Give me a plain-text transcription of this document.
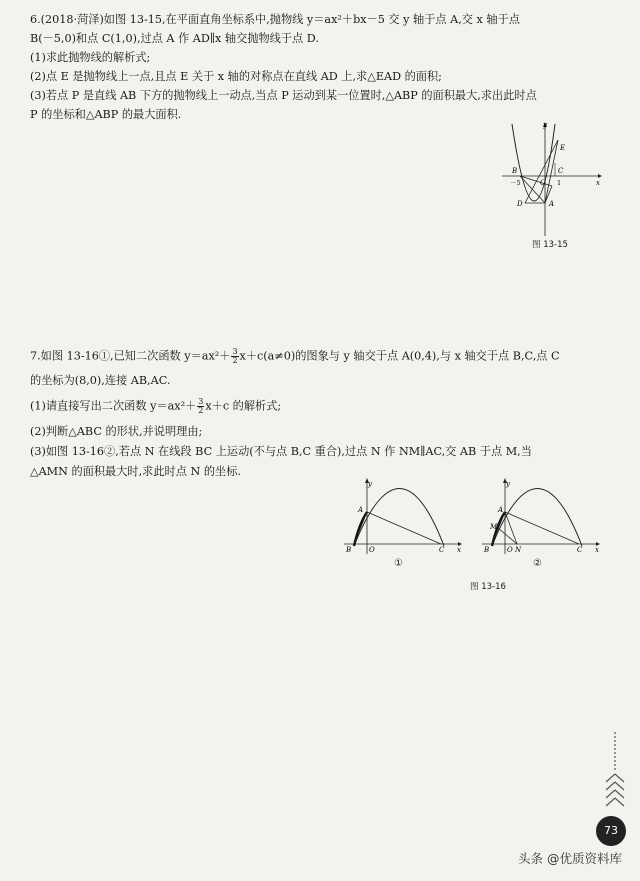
6.(2018·菏泽)如图 13-15,在平面直角坐标系中,抛物线 y＝ax²＋bx－5 交 y 轴于点 A,交 x 轴于点
B(－5,0)和点 C(1,0),过点 A 作 AD∥x 轴交抛物线于点 D.
(1)求此抛物线的解析式;
(2)点 E 是抛物线上一点,且点 E 关于 x 轴的对称点在直线 AD 上,求△EAD 的面积;
(3)若点 P 是直线 AB 下方的抛物线上一动点,当点 P 运动到某一位置时,△ABP 的面积最大,求出此时点
P 的坐标和△ABP 的最大面积.
y
x
E
B	C
O
－5	1
D	A
图 13-15
7.如图 13-16①,已知二次函数 $y=ax^2+ \frac{3}{2} x+c(a\ne 0)$的图象与 y 轴交于点 A(0,4),与 x 轴交于点 B,C,点 C
的坐标为(8,0),连接 AB,AC.
(1)请直接写出二次函数 $y=ax^2+ \frac{3}{2} x+c$ 的解析式;
(2)判断△ABC 的形状,并说明理由;
(3)如图 13-16②,若点 N 在线段 BC 上运动(不与点 B,C 重合),过点 N 作 NM∥AC,交 AB 于点 M,当
△AMN 的面积最大时,求此时点 N 的坐标.
y
x
A
B	O	C
①
y
x
A
M
B	O N	C
②
图 13-16
73
头条 @优质资料库
